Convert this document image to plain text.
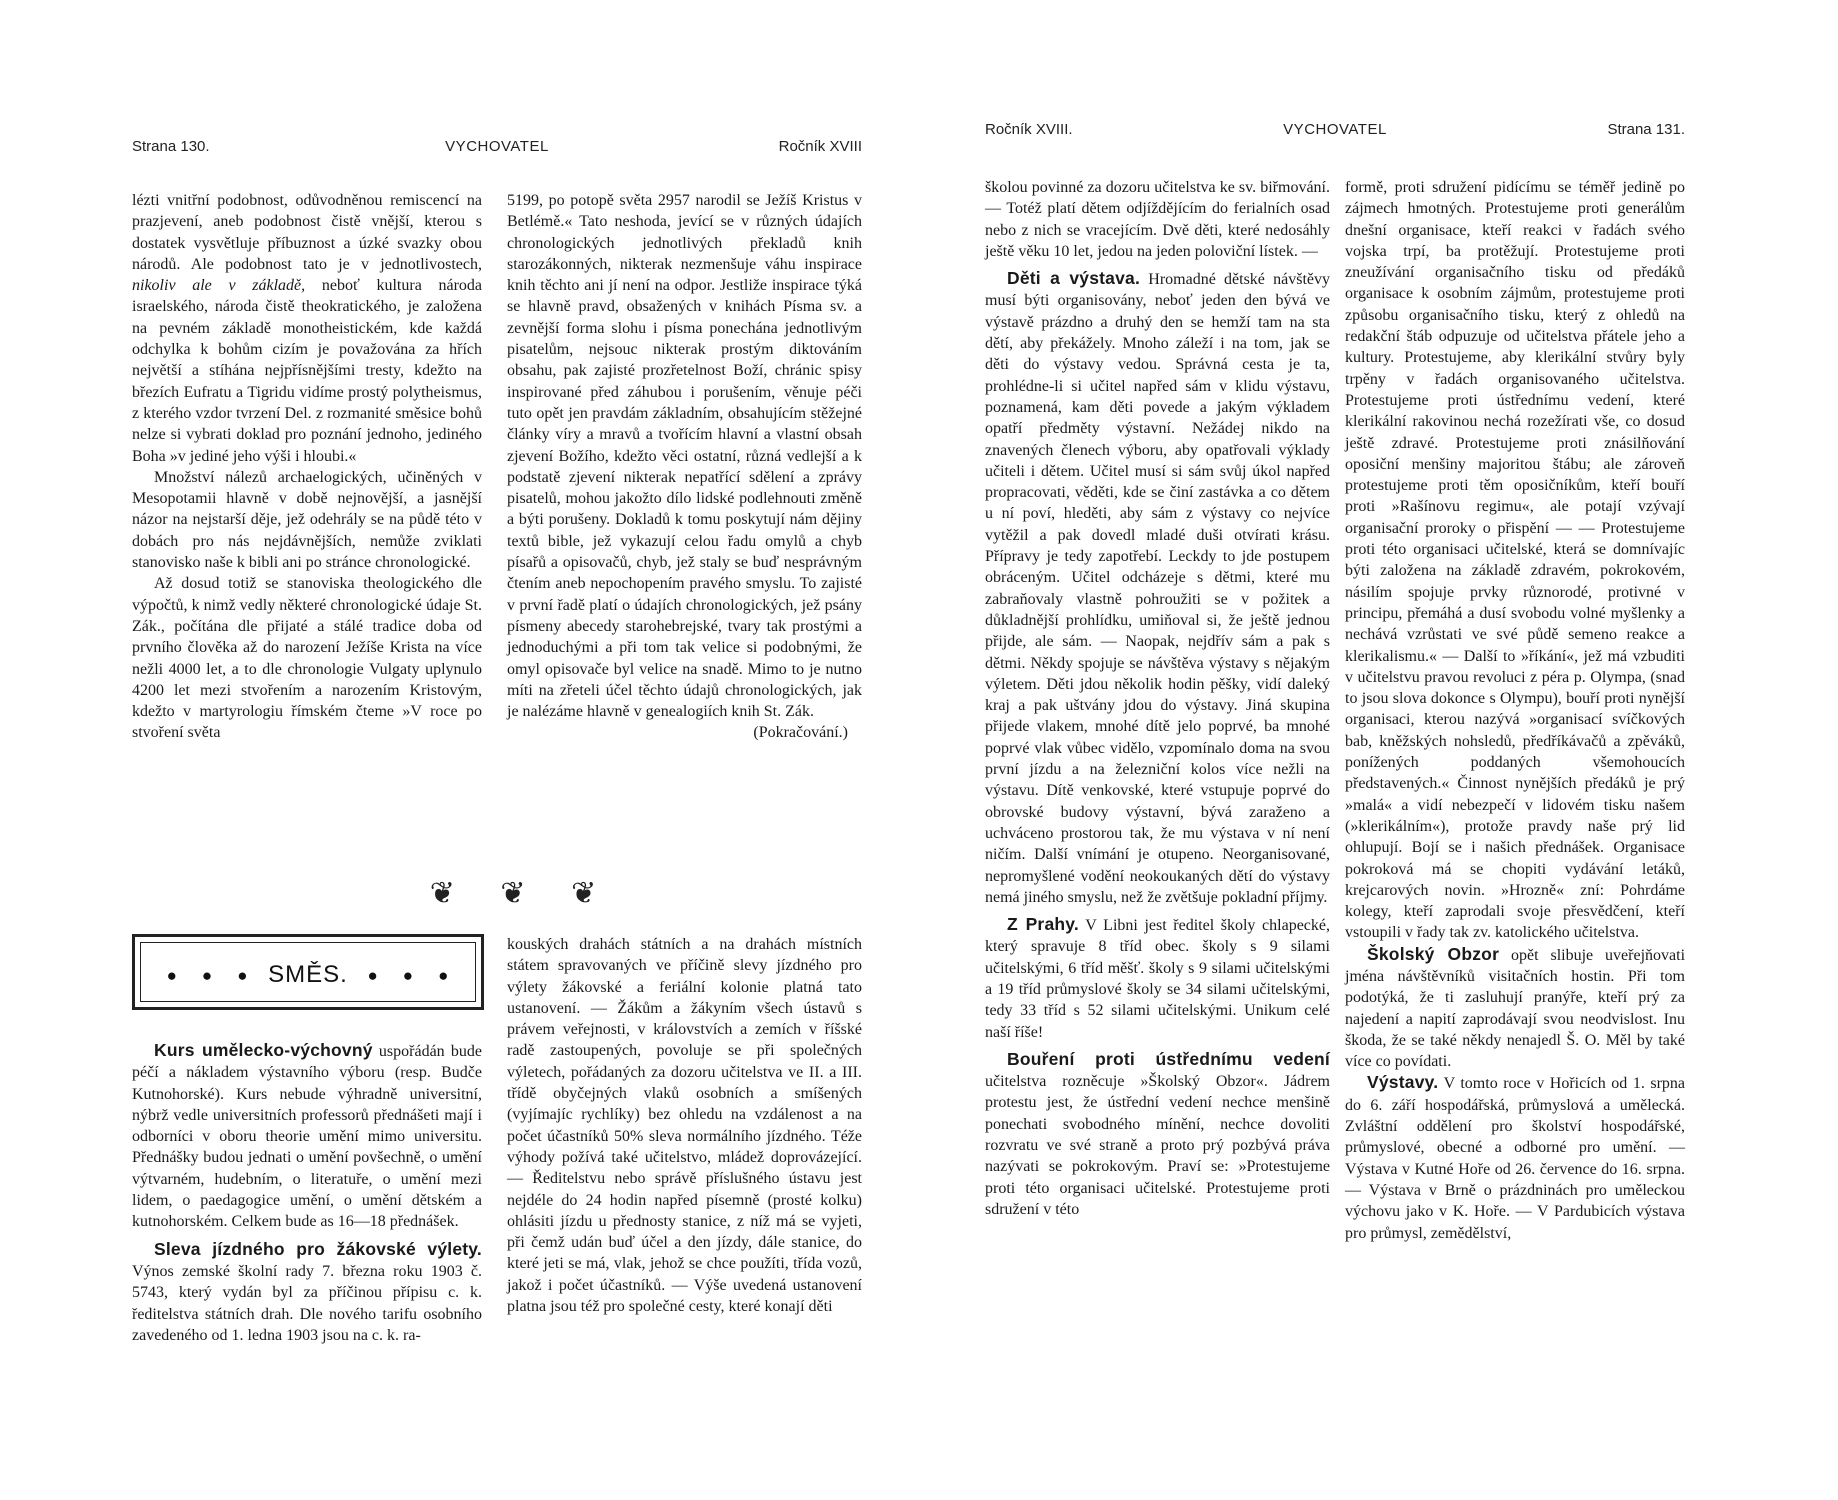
Strana 130.	VYCHOVATEL	Ročník XVIII

lézti vnitřní podobnost, odůvodněnou remiscencí na prazjevení, aneb podobnost čistě vnější, kterou s dostatek vysvětluje příbuznost a úzké svazky obou národů. Ale podobnost tato je v jednotlivostech, nikoliv ale v základě, neboť kultura národa israelského, národa čistě theokratického, je založena na pevném základě monotheistickém, kde každá odchylka k bohům cizím je považována za hřích největší a stíhána nejpřísnějšími tresty, kdežto na březích Eufratu a Tigridu vidíme prostý polytheismus, z kterého vzdor tvrzení Del. z rozmanité směsice bohů nelze si vybrati doklad pro poznání jednoho, jediného Boha »v jediné jeho výši i hloubi.«

Množství nálezů archaelogických, učiněných v Mesopotamii hlavně v době nejnovější, a jasnější názor na nejstarší děje, jež odehrály se na půdě této v dobách pro nás nejdávnějších, nemůže zviklati stanovisko naše k bibli ani po stránce chronologické.

Až dosud totiž se stanoviska theologického dle výpočtů, k nimž vedly některé chronologické údaje St. Zák., počítána dle přijaté a stálé tradice doba od prvního člověka až do narození Ježíše Krista na více nežli 4000 let, a to dle chronologie Vulgaty uplynulo 4200 let mezi stvořením a narozením Kristovým, kdežto v martyrologiu římském čteme »V roce po stvoření světa

5199, po potopě světa 2957 narodil se Ježíš Kristus v Betlémě.« Tato neshoda, jevící se v různých údajích chronologických jednotlivých překladů knih starozákonných, nikterak nezmenšuje váhu inspirace knih těchto ani jí není na odpor. Jestliže inspirace týká se hlavně pravd, obsažených v knihách Písma sv. a zevnější forma slohu i písma ponechána jednotlivým pisatelům, nejsouc nikterak prostým diktováním obsahu, pak zajisté prozřetelnost Boží, chránic spisy inspirované před záhubou i porušením, věnuje péči tuto opět jen pravdám základním, obsahujícím stěžejné články víry a mravů a tvořícím hlavní a vlastní obsah zjevení Božího, kdežto věci ostatní, různá vedlejší a k podstatě zjevení nikterak nepatřící sdělení a zprávy pisatelů, mohou jakožto dílo lidské podlehnouti změně a býti porušeny. Dokladů k tomu poskytují nám dějiny textů bible, jež vykazují celou řadu omylů a chyb písařů a opisovačů, chyb, jež staly se buď nesprávným čtením aneb nepochopením pravého smyslu. To zajisté v první řadě platí o údajích chronologických, jež psány písmeny abecedy starohebrejské, tvary tak prostými a jednoduchými a při tom tak velice si podobnými, že omyl opisovače byl velice na snadě. Mimo to je nutno míti na zřeteli účel těchto údajů chronologických, jak je nalézáme hlavně v genealogiích knih St. Zák.

(Pokračování.)

❦ ❦ ❦
● ● ● SMĚS. ● ● ●

Kurs umělecko-výchovný uspořádán bude péčí a nákladem výstavního výboru (resp. Budče Kutnohorské). Kurs nebude výhradně universitní, nýbrž vedle universitních professorů přednášeti mají i odborníci v oboru theorie umění mimo universitu. Přednášky budou jednati o umění povšechně, o umění výtvarném, hudebním, o literatuře, o umění mezi lidem, o paedagogice umění, o umění dětském a kutnohorském. Celkem bude as 16—18 přednášek.

Sleva jízdného pro žákovské výlety. Výnos zemské školní rady 7. března roku 1903 č. 5743, který vydán byl za příčinou přípisu c. k. ředitelstva státních drah. Dle nového tarifu osobního zavedeného od 1. ledna 1903 jsou na c. k. ra-

kouských drahách státních a na drahách místních státem spravovaných ve příčině slevy jízdného pro výlety žákovské a feriální kolonie platná tato ustanovení. — Žákům a žákyním všech ústavů s právem veřejnosti, v královstvích a zemích v říšské radě zastoupených, povoluje se při společných výletech, pořádaných za dozoru učitelstva ve II. a III. třídě obyčejných vlaků osobních a smíšených (vyjímajíc rychlíky) bez ohledu na vzdálenost a na počet účastníků 50% sleva normálního jízdného. Téže výhody požívá také učitelstvo, mládež doprovázející. — Ředitelstvu nebo správě příslušného ústavu jest nejdéle do 24 hodin napřed písemně (prosté kolku) ohlásiti jízdu u přednosty stanice, z níž má se vyjeti, při čemž udán buď účel a den jízdy, dále stanice, do které jeti se má, vlak, jehož se chce použíti, třída vozů, jakož i počet účastníků. — Výše uvedená ustanovení platna jsou též pro společné cesty, které konají děti

Ročník XVIII.	VYCHOVATEL	Strana 131.

školou povinné za dozoru učitelstva ke sv. biřmování. — Totéž platí dětem odjíždějícím do ferialních osad nebo z nich se vracejícím. Dvě děti, které nedosáhly ještě věku 10 let, jedou na jeden poloviční lístek. —

Děti a výstava. Hromadné dětské návštěvy musí býti organisovány, neboť jeden den bývá ve výstavě prázdno a druhý den se hemží tam na sta dětí, aby překážely. Mnoho záleží i na tom, jak se děti do výstavy vedou. Správná cesta je ta, prohlédne-li si učitel napřed sám v klidu výstavu, poznamená, kam děti povede a jakým výkladem opatří předměty výstavní. Nežádej nikdo na znavených členech výboru, aby opatřovali výklady učiteli i dětem. Učitel musí si sám svůj úkol napřed propracovati, věděti, kde se činí zastávka a co dětem u ní poví, hleděti, aby sám z výstavy co nejvíce vytěžil a pak dovedl mladé duši otvírati krásu. Přípravy je tedy zapotřebí. Leckdy to jde postupem obráceným. Učitel odcházeje s dětmi, které mu zabraňovaly vlastně pohroužiti se v požitek a důkladnější prohlídku, umiňoval si, že ještě jednou přijde, ale sám. — Naopak, nejdřív sám a pak s dětmi. Někdy spojuje se návštěva výstavy s nějakým výletem. Děti jdou několik hodin pěšky, vidí daleký kraj a pak uštvány jdou do výstavy. Jiná skupina přijede vlakem, mnohé dítě jelo poprvé, ba mnohé poprvé vlak vůbec vidělo, vzpomínalo doma na svou první jízdu a na železniční kolos více nežli na výstavu. Dítě venkovské, které vstupuje poprvé do obrovské budovy výstavní, bývá zaraženo a uchváceno prostorou tak, že mu výstava v ní není ničím. Další vnímání je otupeno. Neorganisované, nepromyšlené vodění neokoukaných dětí do výstavy nemá jiného smyslu, než že zvětšuje pokladní příjmy.

Z Prahy. V Libni jest ředitel školy chlapecké, který spravuje 8 tříd obec. školy s 9 silami učitelskými, 6 tříd měšť. školy s 9 silami učitelskými a 19 tříd průmyslové školy se 34 silami učitelskými, tedy 33 tříd s 52 silami učitelskými. Unikum celé naší říše!

Bouření proti ústřednímu vedení učitelstva rozněcuje »Školský Obzor«. Jádrem protestu jest, že ústřední vedení nechce menšině ponechati svobodného mínění, nechce dovoliti rozvratu ve své straně a proto prý pozbývá práva nazývati se pokrokovým. Praví se: »Protestujeme proti této organisaci učitelské. Protestujeme proti sdružení v této

formě, proti sdružení pidícímu se téměř jedině po zájmech hmotných. Protestujeme proti generálům dnešní organisace, kteří reakci v řadách svého vojska trpí, ba protěžují. Protestujeme proti zneužívání organisačního tisku od předáků organisace k osobním zájmům, protestujeme proti způsobu organisačního tisku, který z ohledů na redakční štáb odpuzuje od učitelstva přátele jeho a kultury. Protestujeme, aby klerikální stvůry byly trpěny v řadách organisovaného učitelstva. Protestujeme proti ústřednímu vedení, které klerikální rakovinou nechá rozežírati vše, co dosud ještě zdravé. Protestujeme proti znásilňování oposiční menšiny majoritou štábu; ale zároveň protestujeme proti těm oposičníkům, kteří bouří proti »Rašínovu regimu«, ale potají vzývají organisační proroky o přispění — — Protestujeme proti této organisaci učitelské, která se domnívajíc býti založena na základě zdravém, pokrokovém, násilím spojuje prvky různorodé, protivné v principu, přemáhá a dusí svobodu volné myšlenky a nechává vzrůstati ve své půdě semeno reakce a klerikalismu.« — Další to »říkání«, jež má vzbuditi v učitelstvu pravou revoluci z péra p. Olympa, (snad to jsou slova dokonce s Olympu), bouří proti nynější organisaci, kterou nazývá »organisací svíčkových bab, kněžských nohsledů, předříkávačů a zpěváků, ponížených poddaných všemohoucích představených.« Činnost nynějších předáků je prý »malá« a vidí nebezpečí v lidovém tisku našem (»klerikálním«), protože pravdy naše prý lid ohlupují. Bojí se i našich přednášek. Organisace pokroková má se chopiti vydávání letáků, krejcarových novin. »Hrozně« zní: Pohrdáme kolegy, kteří zaprodali svoje přesvědčení, kteří vstoupili v řady tak zv. katolického učitelstva.

Školský Obzor opět slibuje uveřejňovati jména návštěvníků visitačních hostin. Při tom podotýká, že ti zasluhují pranýře, kteří prý za najedení a napití zaprodávají svou neodvislost. Inu škoda, že se také někdy nenajedl Š. O. Měl by také více co povídati.

Výstavy. V tomto roce v Hořicích od 1. srpna do 6. září hospodářská, průmyslová a umělecká. Zvláštní oddělení pro školství hospodářské, průmyslové, obecné a odborné pro umění. — Výstava v Kutné Hoře od 26. července do 16. srpna. — Výstava v Brně o prázdninách pro uměleckou výchovu jako v K. Hoře. — V Pardubicích výstava pro průmysl, zemědělství,
